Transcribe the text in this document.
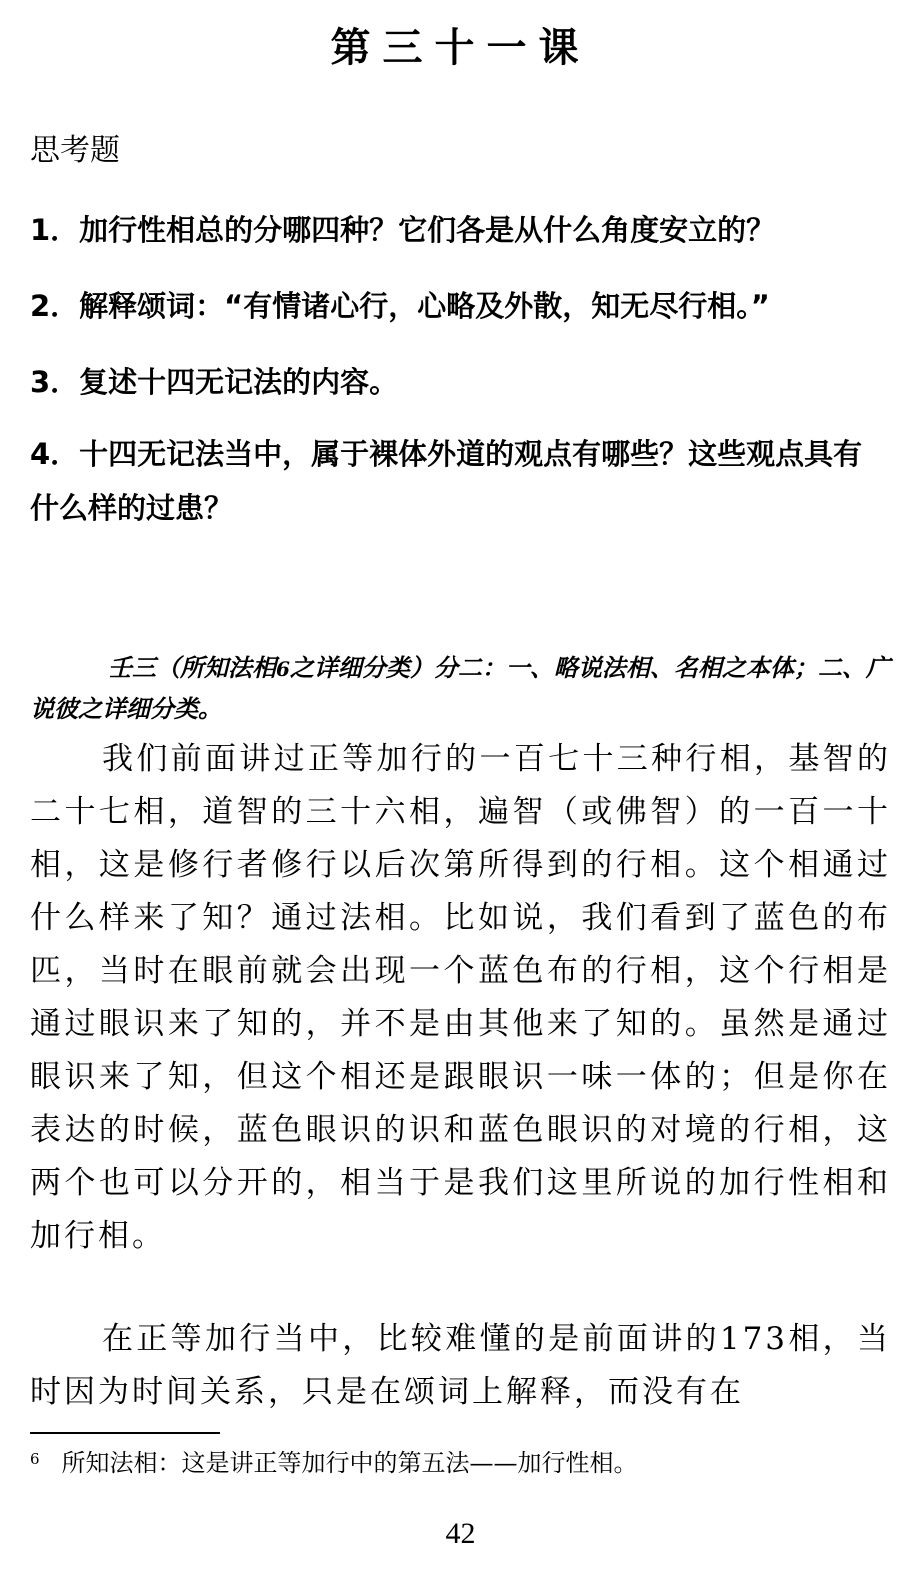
第三十一课
思考题
1．加行性相总的分哪四种？它们各是从什么角度安立的？
2．解释颂词：“有情诸心行，心略及外散，知无尽行相。”
3．复述十四无记法的内容。
4．十四无记法当中，属于裸体外道的观点有哪些？这些观点具有什么样的过患？
壬三（所知法相6之详细分类）分二：一、略说法相、名相之本体；二、广说彼之详细分类。
我们前面讲过正等加行的一百七十三种行相，基智的二十七相，道智的三十六相，遍智（或佛智）的一百一十相，这是修行者修行以后次第所得到的行相。这个相通过什么样来了知？通过法相。比如说，我们看到了蓝色的布匹，当时在眼前就会出现一个蓝色布的行相，这个行相是通过眼识来了知的，并不是由其他来了知的。虽然是通过眼识来了知，但这个相还是跟眼识一味一体的；但是你在表达的时候，蓝色眼识的识和蓝色眼识的对境的行相，这两个也可以分开的，相当于是我们这里所说的加行性相和加行相。
在正等加行当中，比较难懂的是前面讲的173相，当时因为时间关系，只是在颂词上解释，而没有在
$^6$ 所知法相：这是讲正等加行中的第五法——加行性相。
42
